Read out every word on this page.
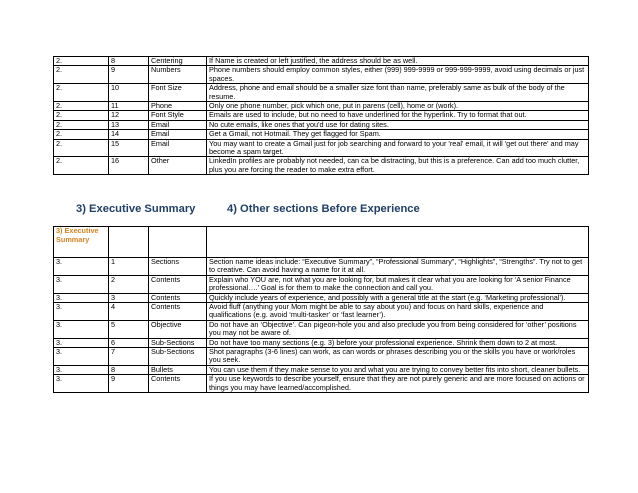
2.	8	Centering	If Name is created or left justified, the address should be as well.
2.	9	Numbers	Phone numbers should employ common styles, either (999) 999-9999 or 999-999-9999, avoid using decimals or just spaces.
2.	10	Font Size	Address, phone and email should be a smaller size font than name, preferably same as bulk of the body of the resume.
2.	11	Phone	Only one phone number, pick which one, put in parens (cell), home or (work).
2.	12	Font Style	Emails are used to include, but no need to have underlined for the hyperlink. Try to format that out.
2.	13	Email	No cute emails, like ones that you'd use for dating sites.
2.	14	Email	Get a Gmail, not Hotmail. They get flagged for Spam.
2.	15	Email	You may want to create a Gmail just for job searching and forward to your 'real' email, it will 'get out there' and may become a spam target.
2.	16	Other	LinkedIn profiles are probably not needed, can ca be distracting, but this is a preference. Can add too much clutter, plus you are forcing the reader to make extra effort.
3) Executive Summary	4) Other sections Before Experience
3) Executive Summary			
3.	1	Sections	Section name ideas include: “Executive Summary”, “Professional Summary”, “Highlights”, “Strengths”. Try not to get to creative. Can avoid having a name for it at all.
3.	2	Contents	Explain who YOU are, not what you are looking for, but makes it clear what you are looking for ‘A senior Finance professional….’ Goal is for them to make the connection and call you.
3.	3	Contents	Quickly include years of experience, and possibly with a general title at the start (e.g. ‘Marketing professional’).
3.	4	Contents	Avoid fluff (anything your Mom might be able to say about you) and focus on hard skills, experience and qualifications (e.g. avoid ‘multi-tasker’ or ‘fast learner’).
3.	5	Objective	Do not have an ‘Objective’. Can pigeon-hole you and also preclude you from being considered for ‘other’ positions you may not be aware of.
3.	6	Sub-Sections	Do not have too many sections (e.g. 3) before your professional experience. Shrink them down to 2 at most.
3.	7	Sub-Sections	Shot paragraphs (3-6 lines) can work, as can words or phrases describing you or the skills you have or work/roles you seek.
3.	8	Bullets	You can use them if they make sense to you and what you are trying to convey better fits into short, cleaner bullets.
3.	9	Contents	If you use keywords to describe yourself, ensure that they are not purely generic and are more focused on actions or things you may have learned/accomplished.
